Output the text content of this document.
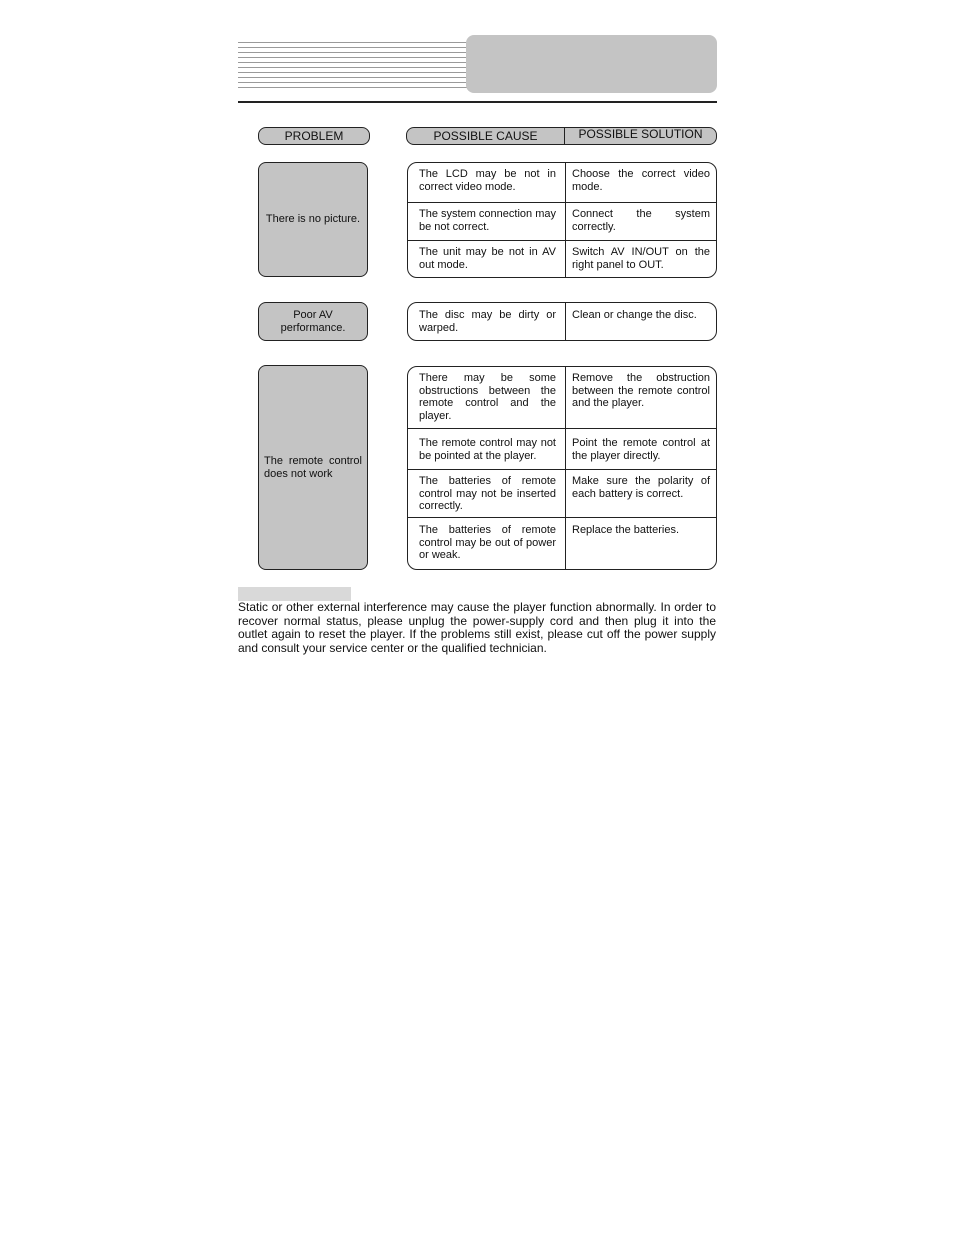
PROBLEM	POSSIBLE CAUSE	POSSIBLE SOLUTION
There is no picture.
The LCD may be not in correct video mode.
Choose the correct video mode.
The system connection may be not correct.
Connect the system correctly.
The unit may be not in AV out mode.
Switch AV IN/OUT on the right panel to OUT.
Poor AV performance.
The disc may be dirty or warped.
Clean or change the disc.
The remote control does not work
There may be some obstructions between the remote control and the player.
Remove the obstruction between the remote control and the player.
The remote control may not be pointed at the player.
Point the remote control at the player directly.
The batteries of remote control may not be inserted correctly.
Make sure the polarity of each battery is correct.
The batteries of remote control may be out of power or weak.
Replace the batteries.

Static or other external interference may cause the player function abnormally. In order to recover normal status, please unplug the power-supply cord and then plug it into the outlet again to reset the player. If the problems still exist, please cut off the power supply and consult your service center or the qualified technician.
